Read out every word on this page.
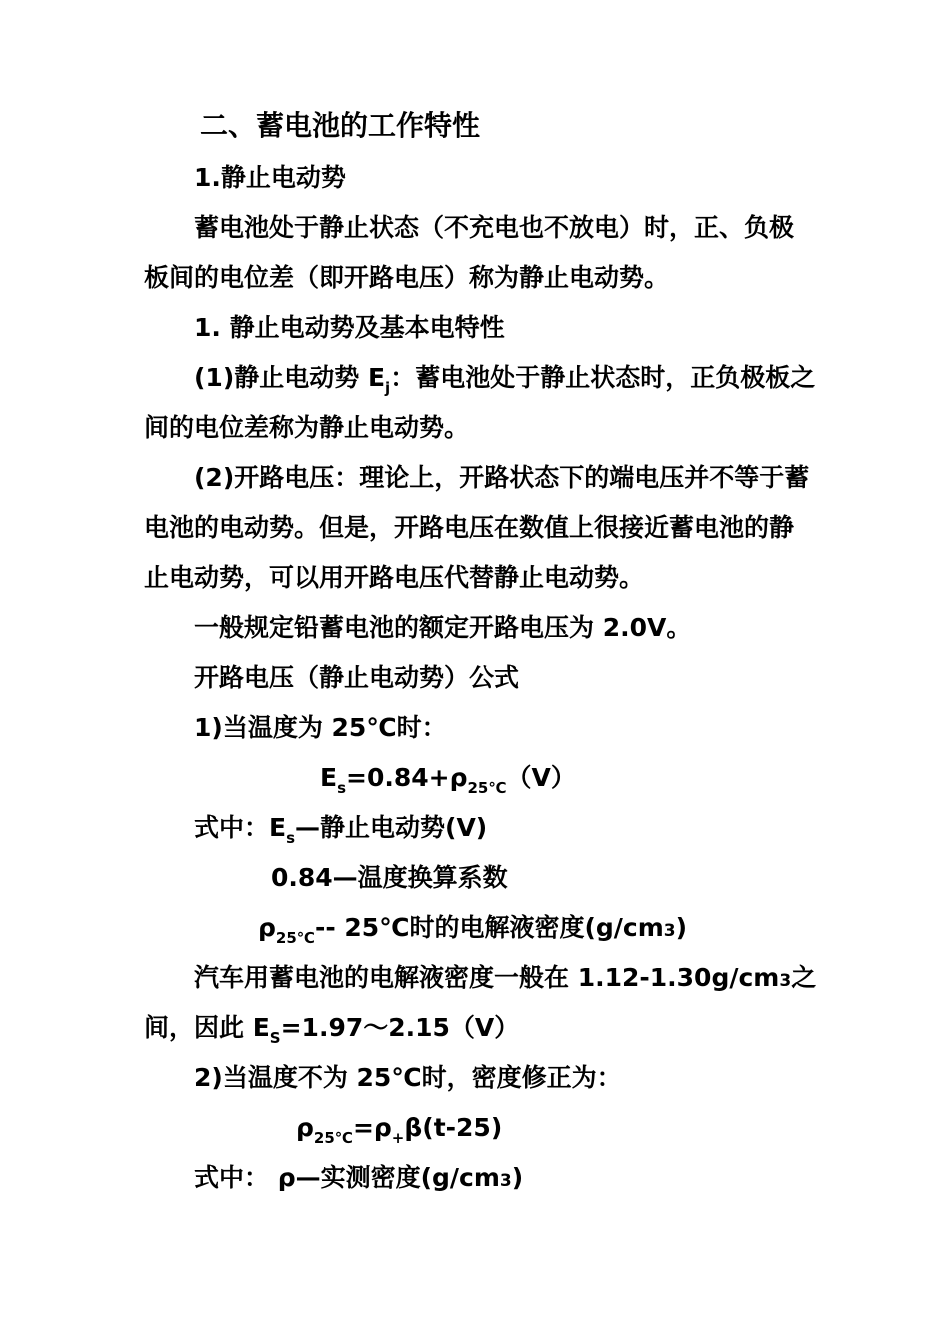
二、蓄电池的工作特性
1.静止电动势
蓄电池处于静止状态（不充电也不放电）时，正、负极
板间的电位差（即开路电压）称为静止电动势。
1. 静止电动势及基本电特性
(1)静止电动势 $E_j$：蓄电池处于静止状态时，正负极板之
间的电位差称为静止电动势。
(2)开路电压：理论上，开路状态下的端电压并不等于蓄
电池的电动势。但是，开路电压在数值上很接近蓄电池的静
止电动势，可以用开路电压代替静止电动势。
一般规定铅蓄电池的额定开路电压为 2.0V。
开路电压（静止电动势）公式
1)当温度为 25℃时：
$E_s=0.84+\rho_{25℃}(V)$
式中：$E_s—$静止电动势(V)
0.84—温度换算系数
$\rho_{25℃}--$ 25℃时的电解液密度(g/cm3)
汽车用蓄电池的电解液密度一般在 1.12-1.30g/cm3之
间，因此 $E_S=1.97\sim 2.15(V)$
2)当温度不为 25℃时，密度修正为：
$\rho_{25℃}=\rho_+\beta(t-25)$
式中： ρ—实测密度(g/cm3)
